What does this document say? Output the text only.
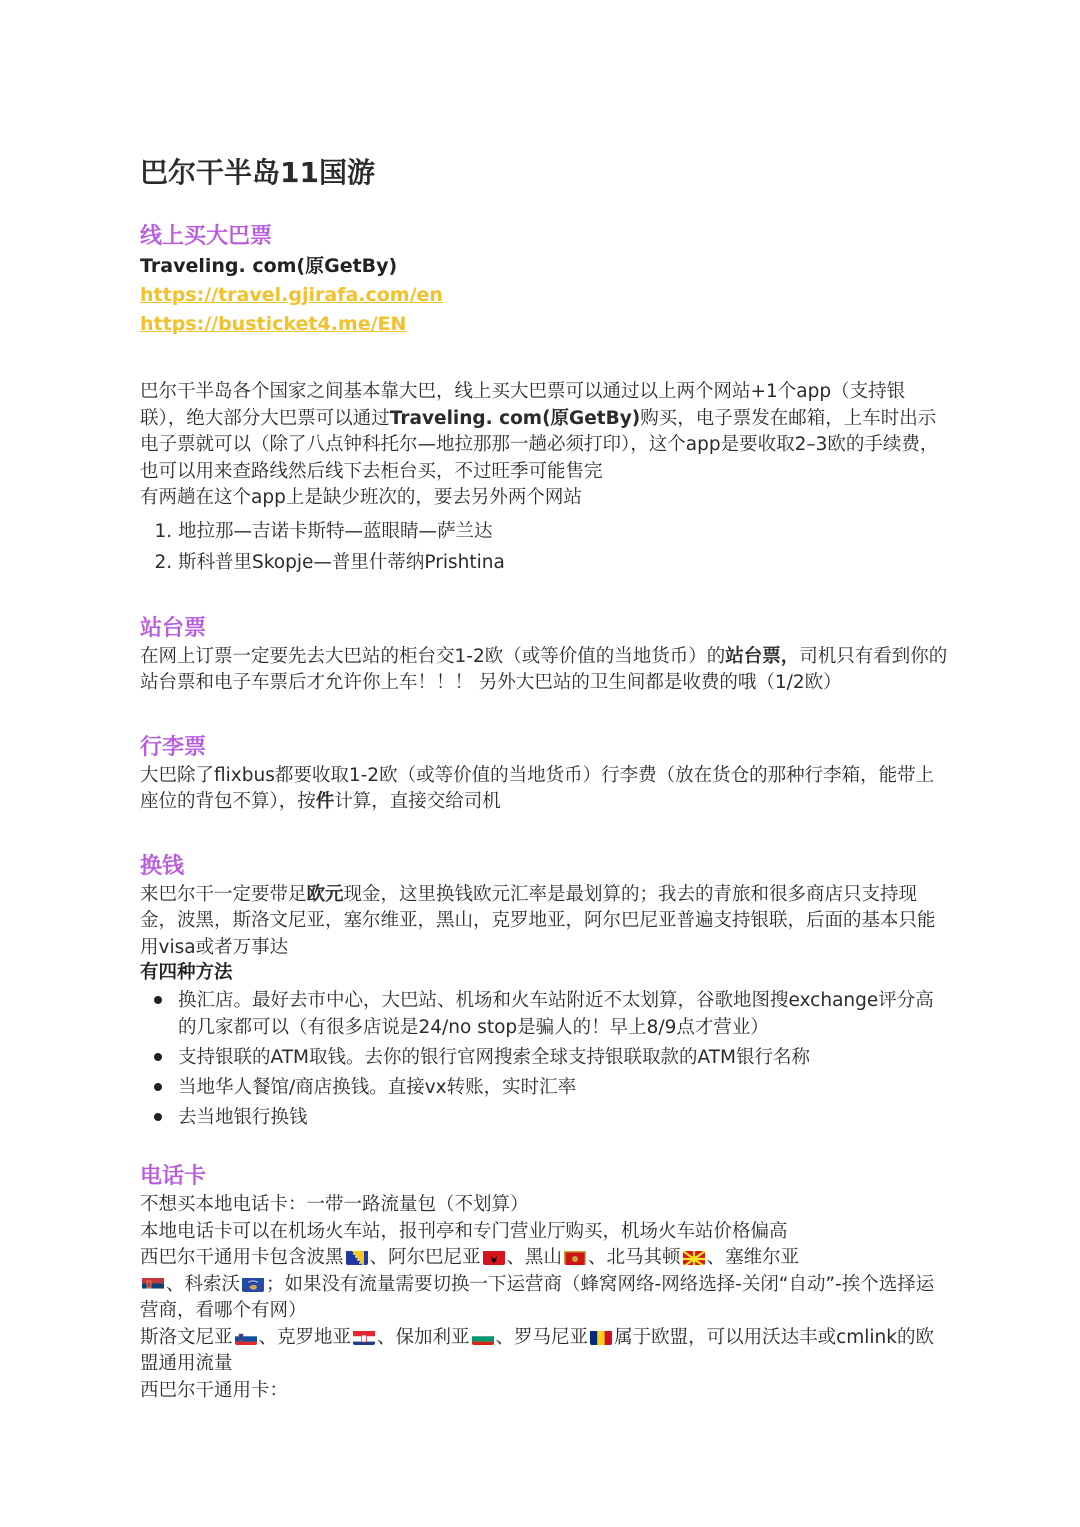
巴尔干半岛11国游
线上买大巴票
Traveling. com(原GetBy)
https://travel.gjirafa.com/en
https://busticket4.me/EN

巴尔干半岛各个国家之间基本靠大巴，线上买大巴票可以通过以上两个网站+1个app（支持银联），绝大部分大巴票可以通过Traveling. com(原GetBy)购买，电子票发在邮箱，上车时出示电子票就可以（除了八点钟科托尔—地拉那那一趟必须打印），这个app是要收取2–3欧的手续费，也可以用来查路线然后线下去柜台买，不过旺季可能售完

有两趟在这个app上是缺少班次的，要去另外两个网站

1. 地拉那—吉诺卡斯特—蓝眼睛—萨兰达
2. 斯科普里Skopje—普里什蒂纳Prishtina
站台票

在网上订票一定要先去大巴站的柜台交1-2欧（或等价值的当地货币）的站台票，司机只有看到你的站台票和电子车票后才允许你上车！！！ 另外大巴站的卫生间都是收费的哦（1/2欧）

行李票

大巴除了flixbus都要收取1-2欧（或等价值的当地货币）行李费（放在货仓的那种行李箱，能带上座位的背包不算），按件计算，直接交给司机

换钱

来巴尔干一定要带足欧元现金，这里换钱欧元汇率是最划算的；我去的青旅和很多商店只支持现金，波黑，斯洛文尼亚，塞尔维亚，黑山，克罗地亚，阿尔巴尼亚普遍支持银联，后面的基本只能用visa或者万事达

有四种方法
换汇店。最好去市中心，大巴站、机场和火车站附近不太划算，谷歌地图搜exchange评分高的几家都可以（有很多店说是24/no stop是骗人的！早上8/9点才营业）
支持银联的ATM取钱。去你的银行官网搜索全球支持银联取款的ATM银行名称
当地华人餐馆/商店换钱。直接vx转账，实时汇率
去当地银行换钱
电话卡

不想买本地电话卡：一带一路流量包（不划算）

本地电话卡可以在机场火车站，报刊亭和专门营业厅购买，机场火车站价格偏高

西巴尔干通用卡包含波黑 、阿尔巴尼亚 、黑山 、北马其顿 、塞维尔亚
、科索沃 ；如果没有流量需要切换一下运营商（蜂窝网络-网络选择-关闭“自动”-挨个选择运营商，看哪个有网）

斯洛文尼亚 、克罗地亚 、保加利亚 、罗马尼亚 属于欧盟，可以用沃达丰或cmlink的欧盟通用流量

西巴尔干通用卡：
